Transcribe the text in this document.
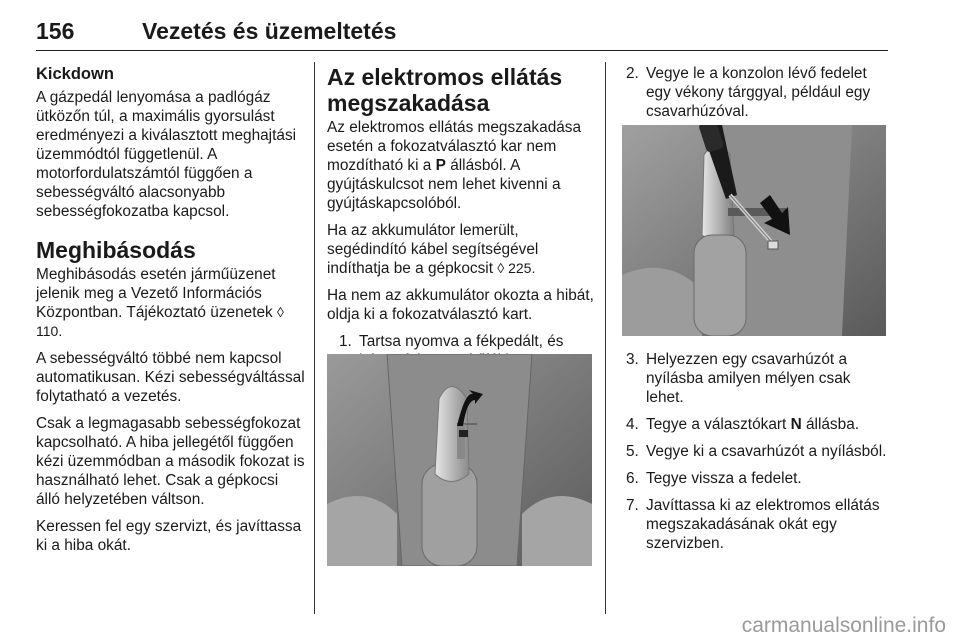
156	Vezetés és üzemeltetés
Kickdown

A gázpedál lenyomása a padlógáz ütközőn túl, a maximális gyorsulást eredményezi a kiválasztott meghajtási üzemmódtól függetlenül. A motorfordulatszámtól függően a sebességváltó alacsonyabb sebességfokozatba kapcsol.

Meghibásodás

Meghibásodás esetén járműüzenet jelenik meg a Vezető Információs Központban. Tájékoztató üzenetek ◊ 110.

A sebességváltó többé nem kapcsol automatikusan. Kézi sebességváltással folytatható a vezetés.

Csak a legmagasabb sebességfokozat kapcsolható. A hiba jellegétől függően kézi üzemmódban a második fokozat is használható lehet. Csak a gépkocsi álló helyzetében váltson.

Keressen fel egy szervizt, és javíttassa ki a hiba okát.

Az elektromos ellátás megszakadása

Az elektromos ellátás megszakadása esetén a fokozatválasztó kar nem mozdítható ki a P állásból. A gyújtáskulcsot nem lehet kivenni a gyújtáskapcsolóból.

Ha az akkumulátor lemerült, segédindító kábel segítségével indíthatja be a gépkocsit ◊ 225.

Ha nem az akkumulátor okozta a hibát, oldja ki a fokozatválasztó kart.

1. Tartsa nyomva a fékpedált, és
2. Vegye le a konzolon lévő fedelet egy vékony tárggyal, például egy csavarhúzóval.
3. Helyezzen egy csavarhúzót a nyílásba amilyen mélyen csak lehet.
4. Tegye a választókart N állásba.
5. Vegye ki a csavarhúzót a nyílásból.
6. Tegye vissza a fedelet.
7. Javíttassa ki az elektromos ellátás megszakadásának okát egy szervizben.
carmanualsonline.info
